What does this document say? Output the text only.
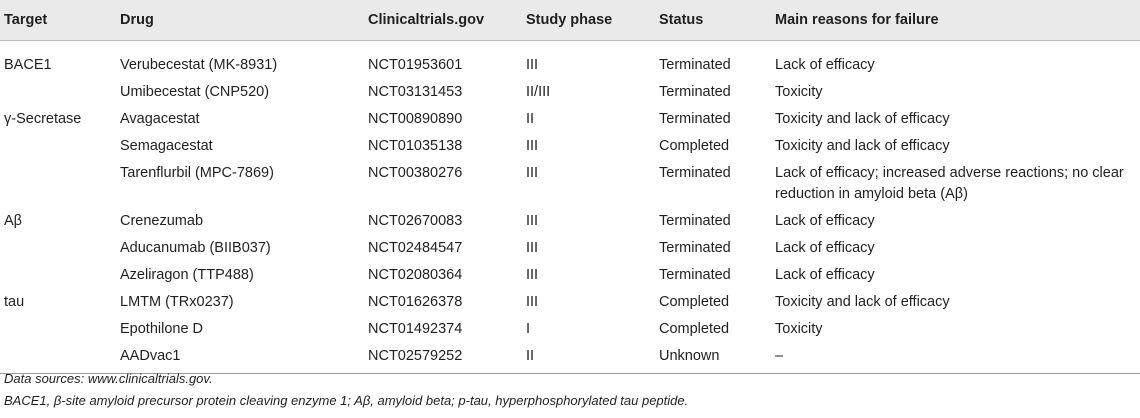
Target	Drug	Clinicaltrials.gov	Study phase	Status	Main reasons for failure
BACE1	Verubecestat (MK-8931)	NCT01953601	III	Terminated	Lack of efficacy
	Umibecestat (CNP520)	NCT03131453	II/III	Terminated	Toxicity
γ-Secretase	Avagacestat	NCT00890890	II	Terminated	Toxicity and lack of efficacy
	Semagacestat	NCT01035138	III	Completed	Toxicity and lack of efficacy
	Tarenflurbil (MPC-7869)	NCT00380276	III	Terminated	Lack of efficacy; increased adverse reactions; no clear reduction in amyloid beta (Aβ)
Aβ	Crenezumab	NCT02670083	III	Terminated	Lack of efficacy
	Aducanumab (BIIB037)	NCT02484547	III	Terminated	Lack of efficacy
	Azeliragon (TTP488)	NCT02080364	III	Terminated	Lack of efficacy
tau	LMTM (TRx0237)	NCT01626378	III	Completed	Toxicity and lack of efficacy
	Epothilone D	NCT01492374	I	Completed	Toxicity
	AADvac1	NCT02579252	II	Unknown	–
Data sources: www.clinicaltrials.gov.
BACE1, β-site amyloid precursor protein cleaving enzyme 1; Aβ, amyloid beta; p-tau, hyperphosphorylated tau peptide.
